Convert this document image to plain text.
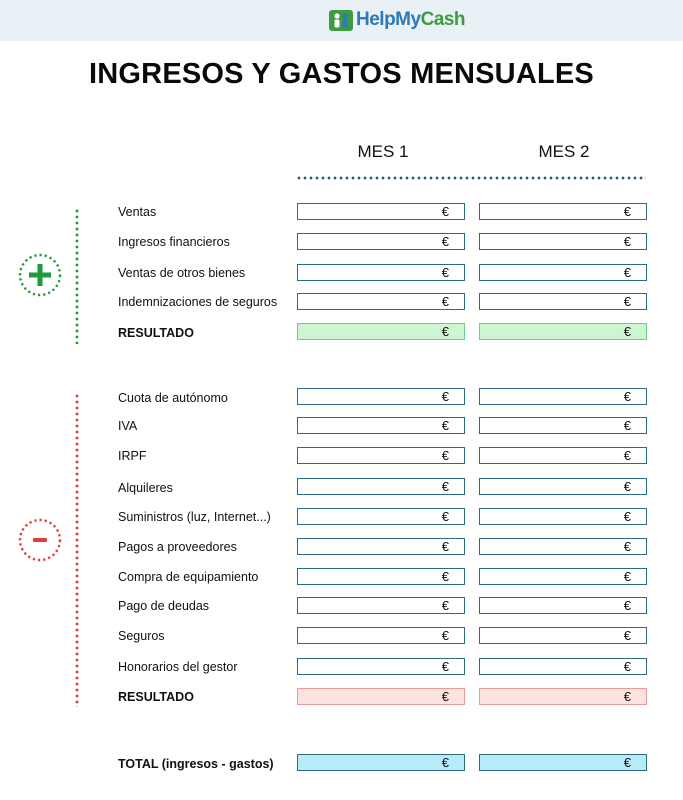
HelpMyCash
INGRESOS Y GASTOS MENSUALES
MES 1	MES 2
Ventas	€	€
Ingresos financieros	€	€
Ventas de otros bienes	€	€
Indemnizaciones de seguros	€	€
RESULTADO	€	€
Cuota de autónomo	€	€
IVA	€	€
IRPF	€	€
Alquileres	€	€
Suministros (luz, Internet...)	€	€
Pagos a proveedores	€	€
Compra de equipamiento	€	€
Pago de deudas	€	€
Seguros	€	€
Honorarios del gestor	€	€
RESULTADO	€	€
TOTAL (ingresos - gastos)	€	€
